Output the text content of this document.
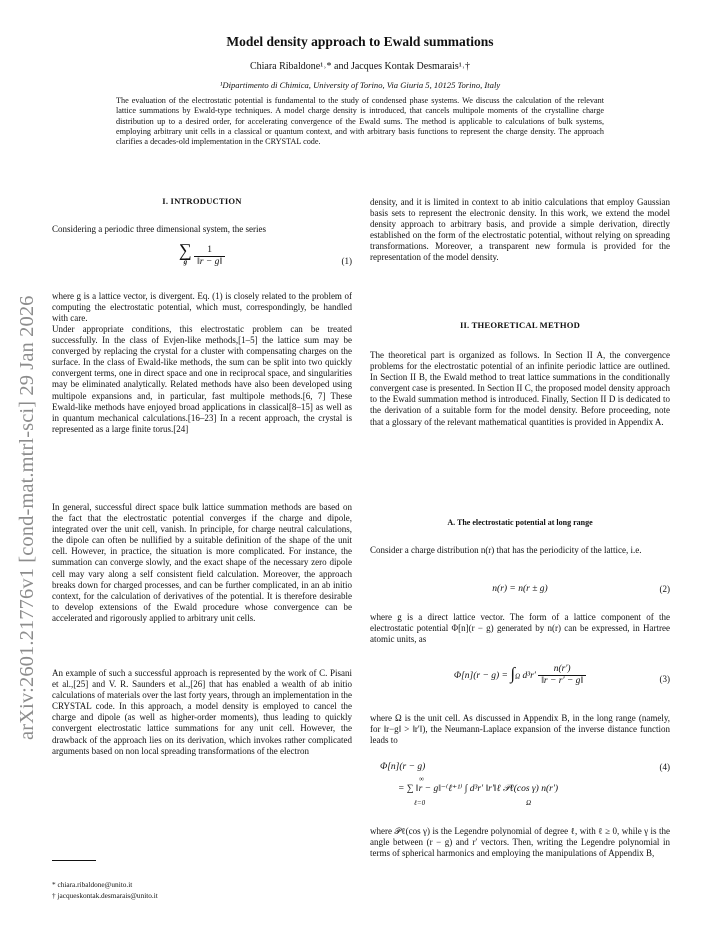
arXiv:2601.21776v1 [cond-mat.mtrl-sci] 29 Jan 2026
Model density approach to Ewald summations
Chiara Ribaldone¹˒* and Jacques Kontak Desmarais¹˒†
¹Dipartimento di Chimica, University of Torino, Via Giuria 5, 10125 Torino, Italy
The evaluation of the electrostatic potential is fundamental to the study of condensed phase systems. We discuss the calculation of the relevant lattice summations by Ewald-type techniques. A model charge density is introduced, that cancels multipole moments of the crystalline charge distribution up to a desired order, for accelerating convergence of the Ewald sums. The method is applicable to calculations of bulk systems, employing arbitrary unit cells in a classical or quantum context, and with arbitrary basis functions to represent the charge density. The approach clarifies a decades-old implementation in the CRYSTAL code.
I. INTRODUCTION

Considering a periodic three dimensional system, the series

∑
g $\frac{1}{‖r - g‖}$	(1)

where g is a lattice vector, is divergent. Eq. (1) is closely related to the problem of computing the electrostatic potential, which must, correspondingly, be handled with care.

Under appropriate conditions, this electrostatic problem can be treated successfully. In the class of Evjen-like methods,[1–5] the lattice sum may be converged by replacing the crystal for a cluster with compensating charges on the surface. In the class of Ewald-like methods, the sum can be split into two quickly convergent terms, one in direct space and one in reciprocal space, and singularities may be eliminated analytically. Related methods have also been developed using multipole expansions and, in particular, fast multipole methods.[6, 7] These Ewald-like methods have enjoyed broad applications in classical[8–15] as well as in quantum mechanical calculations.[16–23] In a recent approach, the crystal is represented as a large finite torus.[24]

In general, successful direct space bulk lattice summation methods are based on the fact that the electrostatic potential converges if the charge and dipole, integrated over the unit cell, vanish. In principle, for charge neutral calculations, the dipole can often be nullified by a suitable definition of the shape of the unit cell. However, in practice, the situation is more complicated. For instance, the summation can converge slowly, and the exact shape of the necessary zero dipole cell may vary along a self consistent field calculation. Moreover, the approach breaks down for charged processes, and can be further complicated, in an ab initio context, for the calculation of derivatives of the potential. It is therefore desirable to develop extensions of the Ewald procedure whose convergence can be accelerated and rigorously applied to arbitrary unit cells.

An example of such a successful approach is represented by the work of C. Pisani et al.,[25] and V. R. Saunders et al.,[26] that has enabled a wealth of ab initio calculations of materials over the last forty years, through an implementation in the CRYSTAL code. In this approach, a model density is employed to cancel the charge and dipole (as well as higher-order moments), thus leading to quickly convergent electrostatic lattice summations for any unit cell. However, the drawback of the approach lies on its derivation, which invokes rather complicated arguments based on non local spreading transformations of the electron

* chiara.ribaldone@unito.it
† jacqueskontak.desmarais@unito.it

density, and it is limited in context to ab initio calculations that employ Gaussian basis sets to represent the electronic density. In this work, we extend the model density approach to arbitrary basis, and provide a simple derivation, directly established on the form of the electrostatic potential, without relying on spreading transformations. Moreover, a transparent new formula is provided for the representation of the model density.

II. THEORETICAL METHOD

The theoretical part is organized as follows. In Section II A, the convergence problems for the electrostatic potential of an infinite periodic lattice are outlined. In Section II B, the Ewald method to treat lattice summations in the conditionally convergent case is presented. In Section II C, the proposed model density approach to the Ewald summation method is introduced. Finally, Section II D is dedicated to the derivation of a suitable form for the model density. Before proceeding, note that a glossary of the relevant mathematical quantities is provided in Appendix A.

A. The electrostatic potential at long range

Consider a charge distribution n(r) that has the periodicity of the lattice, i.e.

n(r) = n(r ± g)	(2)

where g is a direct lattice vector. The form of a lattice component of the electrostatic potential Φ[n](r − g) generated by n(r) can be expressed, in Hartree atomic units, as

$\Phi[n](r - g) = \int_\Omega$ $d^3r' \frac{n(r')}{‖r - r' - g‖}$	(3)

where Ω is the unit cell. As discussed in Appendix B, in the long range (namely, for ‖r−g‖ > ‖r′‖), the Neumann-Laplace expansion of the inverse distance function leads to

Φ[n](r − g)	(4)
∞
= ∑ ‖r − g‖⁻⁽ℓ⁺¹⁾ ∫ d³r′ ‖r′‖ℓ 𝒫ℓ(cos γ) n(r′)
ℓ=0	Ω

where 𝒫ℓ(cos γ) is the Legendre polynomial of degree ℓ, with ℓ ≥ 0, while γ is the angle between (r − g) and r′ vectors. Then, writing the Legendre polynomial in terms of spherical harmonics and employing the manipulations of Appendix B,
